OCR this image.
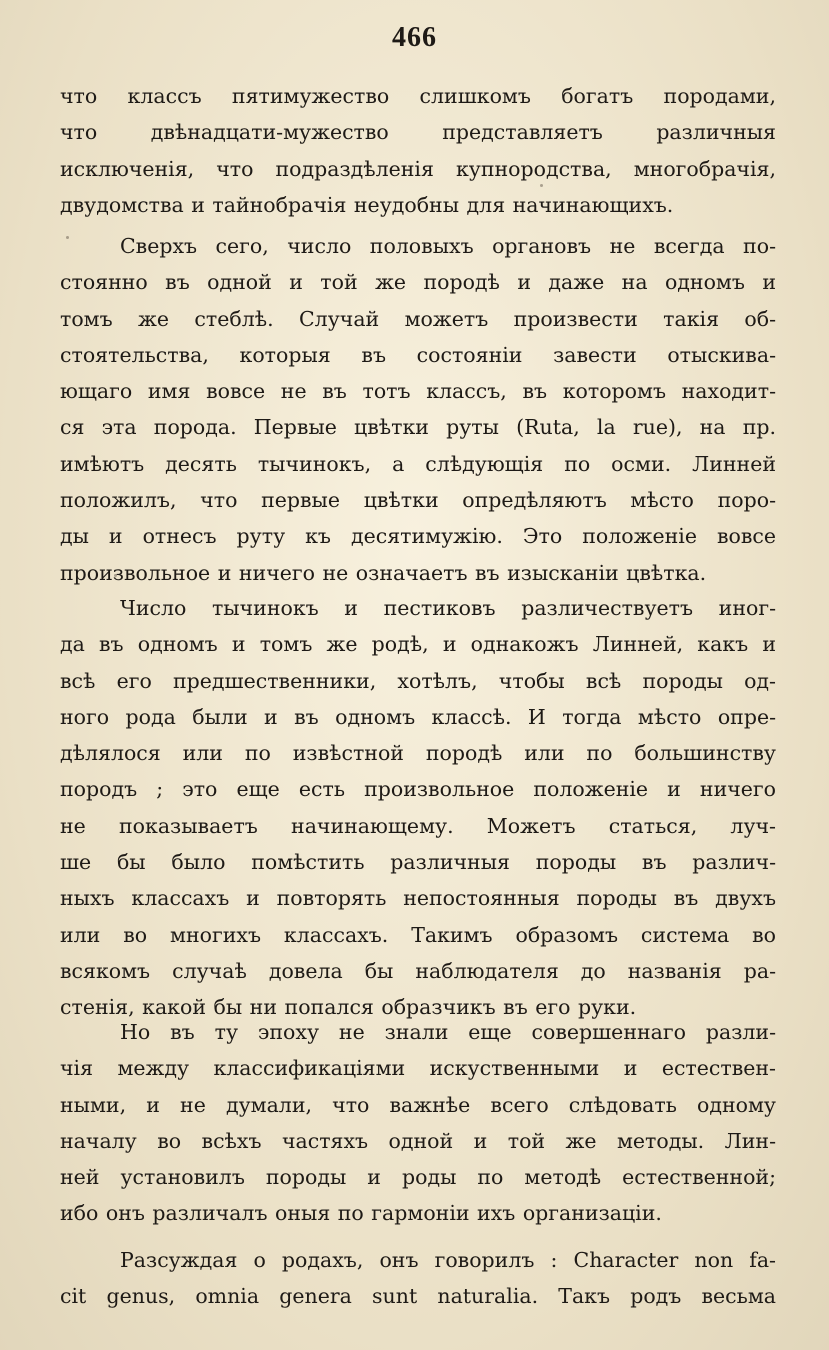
466
что классъ пятимужество слишкомъ богатъ породами,
что двѣнадцати-мужество представляетъ различныя
исключенія, что подраздѣленія купнородства, многобрачія,
двудомства и тайнобрачія неудобны для начинающихъ.
Сверхъ сего, число половыхъ органовъ не всегда по-
стоянно въ одной и той же породѣ и даже на одномъ и
томъ же стеблѣ. Случай можетъ произвести такія об-
стоятельства, которыя въ состояніи завести отыскива-
ющаго имя вовсе не въ тотъ классъ, въ которомъ находит-
ся эта порода. Первые цвѣтки руты (Ruta, la rue), на пр.
имѣютъ десять тычинокъ, а слѣдующія по осми. Линней
положилъ, что первые цвѣтки опредѣляютъ мѣсто поро-
ды и отнесъ руту къ десятимужію. Это положеніе вовсе
произвольное и ничего не означаетъ въ изысканіи цвѣтка.
Число тычинокъ и пестиковъ различествуетъ иног-
да въ одномъ и томъ же родѣ, и однакожъ Линней, какъ и
всѣ его предшественники, хотѣлъ, чтобы всѣ породы од-
ного рода были и въ одномъ классѣ. И тогда мѣсто опре-
дѣлялося или по извѣстной породѣ или по большинству
породъ ; это еще есть произвольное положеніе и ничего
не показываетъ начинающему. Можетъ статься, луч-
ше бы было помѣстить различныя породы въ различ-
ныхъ классахъ и повторять непостоянныя породы въ двухъ
или во многихъ классахъ. Такимъ образомъ система во
всякомъ случаѣ довела бы наблюдателя до названія ра-
стенія, какой бы ни попался образчикъ въ его руки.
Но въ ту эпоху не знали еще совершеннаго разли-
чія между классификаціями искуственными и естествен-
ными, и не думали, что важнѣе всего слѣдовать одному
началу во всѣхъ частяхъ одной и той же методы. Лин-
ней установилъ породы и роды по методѣ естественной;
ибо онъ различалъ оныя по гармоніи ихъ организаціи.
Разсуждая о родахъ, онъ говорилъ : Character non fa-
cit genus, omnia genera sunt naturalia. Такъ родъ весьма
